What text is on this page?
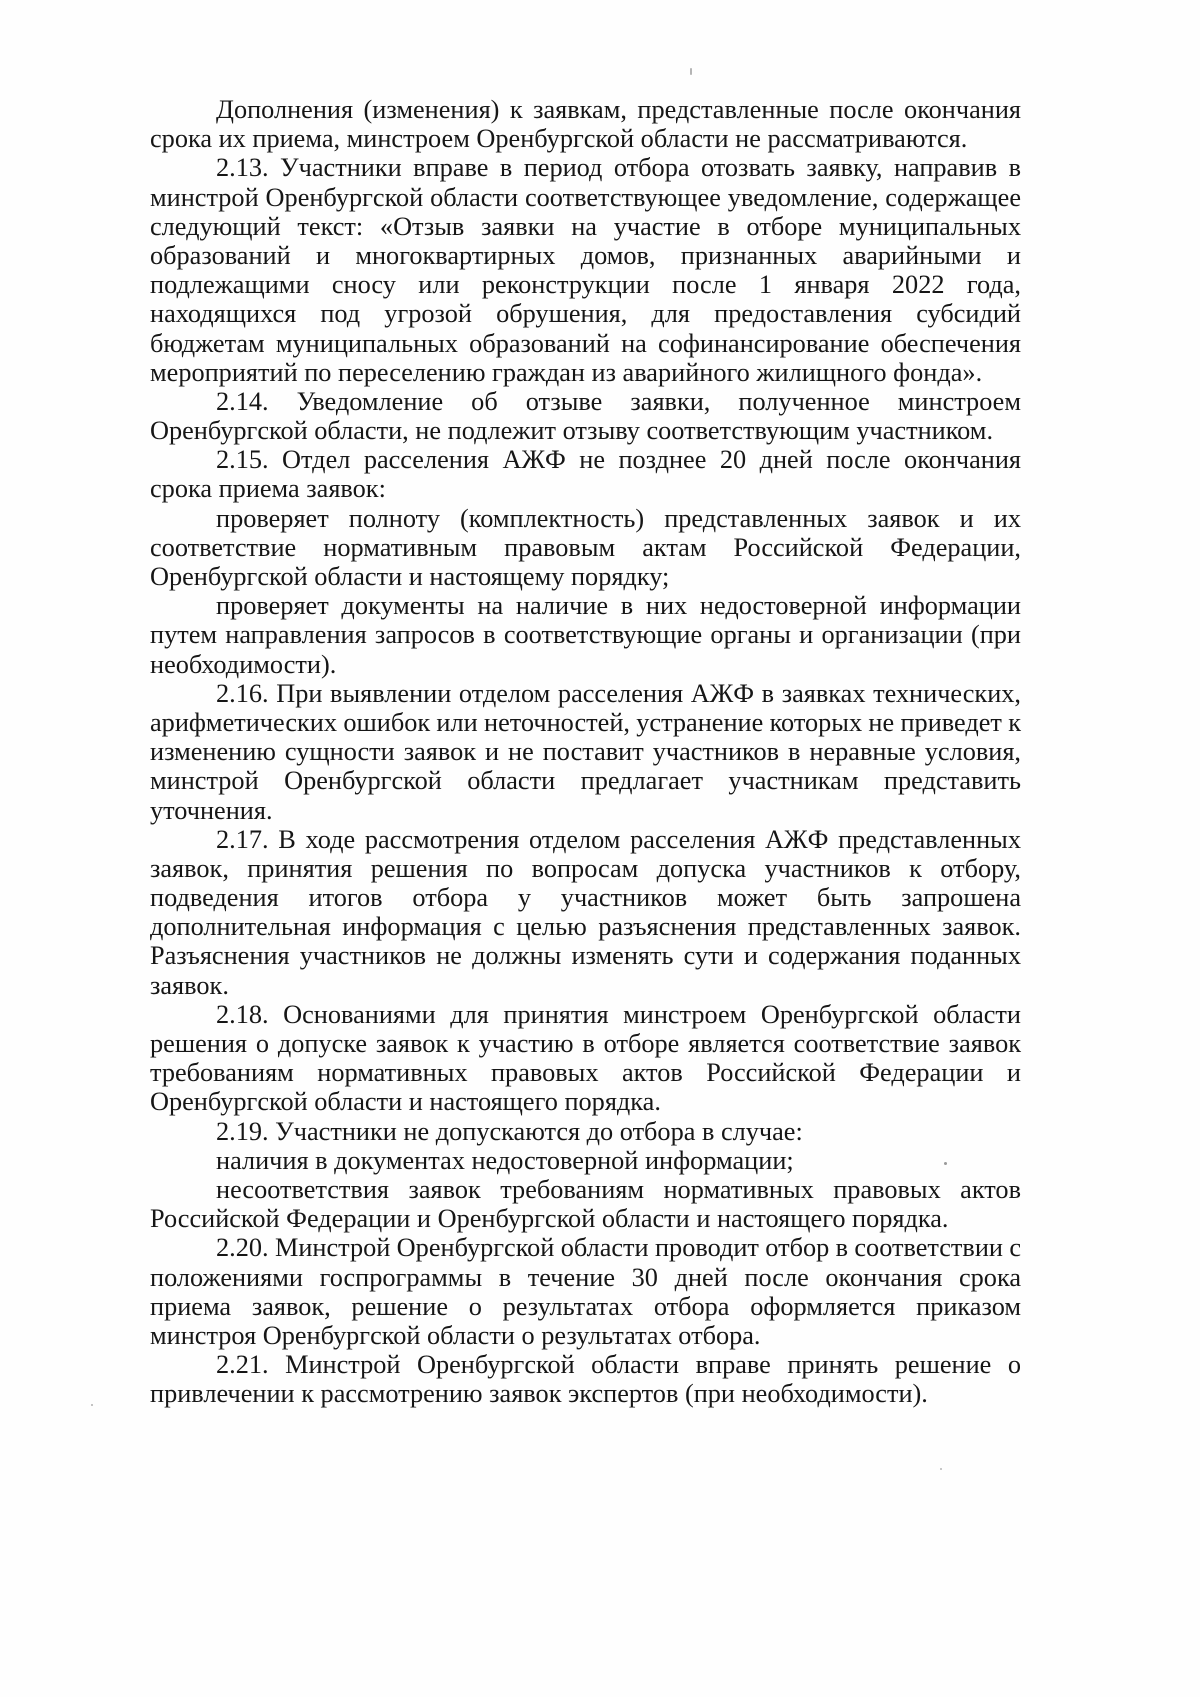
Дополнения (изменения) к заявкам, представленные после окончания
срока их приема, минстроем Оренбургской области не рассматриваются.
2.13. Участники вправе в период отбора отозвать заявку, направив в
минстрой Оренбургской области соответствующее уведомление, содержащее
следующий текст: «Отзыв заявки на участие в отборе муниципальных
образований и многоквартирных домов, признанных аварийными и
подлежащими сносу или реконструкции после 1 января 2022 года,
находящихся под угрозой обрушения, для предоставления субсидий
бюджетам муниципальных образований на софинансирование обеспечения
мероприятий по переселению граждан из аварийного жилищного фонда».
2.14. Уведомление об отзыве заявки, полученное минстроем
Оренбургской области, не подлежит отзыву соответствующим участником.
2.15. Отдел расселения АЖФ не позднее 20 дней после окончания
срока приема заявок:
проверяет полноту (комплектность) представленных заявок и их
соответствие нормативным правовым актам Российской Федерации,
Оренбургской области и настоящему порядку;
проверяет документы на наличие в них недостоверной информации
путем направления запросов в соответствующие органы и организации (при
необходимости).
2.16. При выявлении отделом расселения АЖФ в заявках технических,
арифметических ошибок или неточностей, устранение которых не приведет к
изменению сущности заявок и не поставит участников в неравные условия,
минстрой Оренбургской области предлагает участникам представить
уточнения.
2.17. В ходе рассмотрения отделом расселения АЖФ представленных
заявок, принятия решения по вопросам допуска участников к отбору,
подведения итогов отбора у участников может быть запрошена
дополнительная информация с целью разъяснения представленных заявок.
Разъяснения участников не должны изменять сути и содержания поданных
заявок.
2.18. Основаниями для принятия минстроем Оренбургской области
решения о допуске заявок к участию в отборе является соответствие заявок
требованиям нормативных правовых актов Российской Федерации и
Оренбургской области и настоящего порядка.
2.19. Участники не допускаются до отбора в случае:
наличия в документах недостоверной информации;
несоответствия заявок требованиям нормативных правовых актов
Российской Федерации и Оренбургской области и настоящего порядка.
2.20. Минстрой Оренбургской области проводит отбор в соответствии с
положениями госпрограммы в течение 30 дней после окончания срока
приема заявок, решение о результатах отбора оформляется приказом
минстроя Оренбургской области о результатах отбора.
2.21. Минстрой Оренбургской области вправе принять решение о
привлечении к рассмотрению заявок экспертов (при необходимости).
